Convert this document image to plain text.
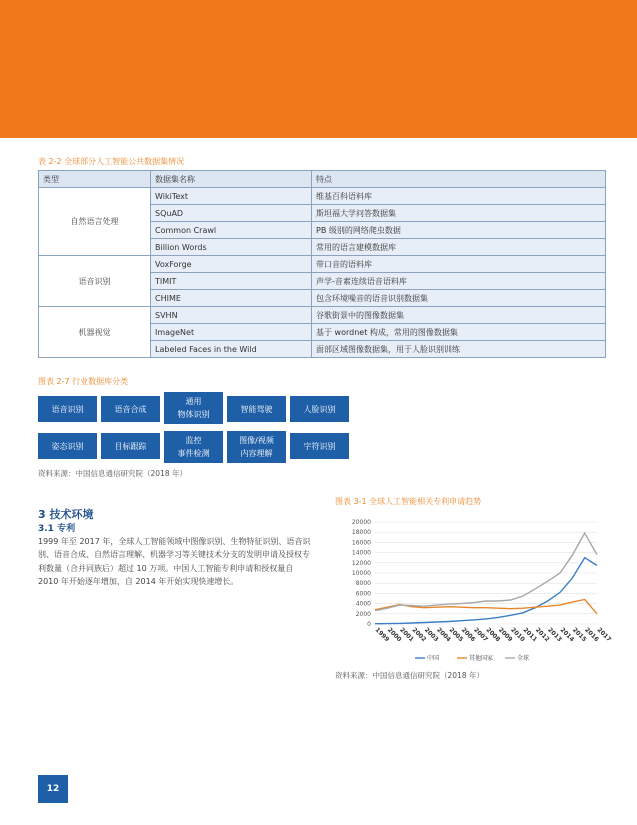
表 2-2 全球部分人工智能公共数据集情况
类型	数据集名称	特点
自然语言处理	WikiText	维基百科语料库
	SQuAD	斯坦福大学问答数据集
	Common Crawl	PB 级别的网络爬虫数据
	Billion Words	常用的语言建模数据库
语音识别	VoxForge	带口音的语料库
	TIMIT	声学-音素连续语音语料库
	CHIME	包含环境噪音的语音识别数据集
机器视觉	SVHN	谷歌街景中的图像数据集
	ImageNet	基于 wordnet 构成，常用的图像数据集
	Labeled Faces in the Wild	面部区域图像数据集，用于人脸识别训练
图表 2-7 行业数据库分类
语音识别	语音合成
通用
物体识别
智能驾驶	人脸识别
姿态识别	目标跟踪
监控
事件检测
图像/视频
内容理解
字符识别
资料来源：中国信息通信研究院（2018 年）
3 技术环境
3.1 专利
1999 年至 2017 年，全球人工智能领域中图像识别、生物特征识别、语音识别、语音合成、自然语言理解、机器学习等关键技术分支的发明申请及授权专利数量（合并同族后）超过 10 万项。中国人工智能专利申请和授权量自 2010 年开始逐年增加，自 2014 年开始实现快速增长。
图表 3-1 全球人工智能相关专利申请趋势
0
2000
4000
6000
8000
10000
12000
14000
16000
18000
20000
1999
2000
2001
2002
2003
2004
2005
2006
2007
2008
2009
2010
2011
2012
2013
2014
2015
2016
2017
中国	其他国家	全球
资料来源：中国信息通信研究院（2018 年）
12
